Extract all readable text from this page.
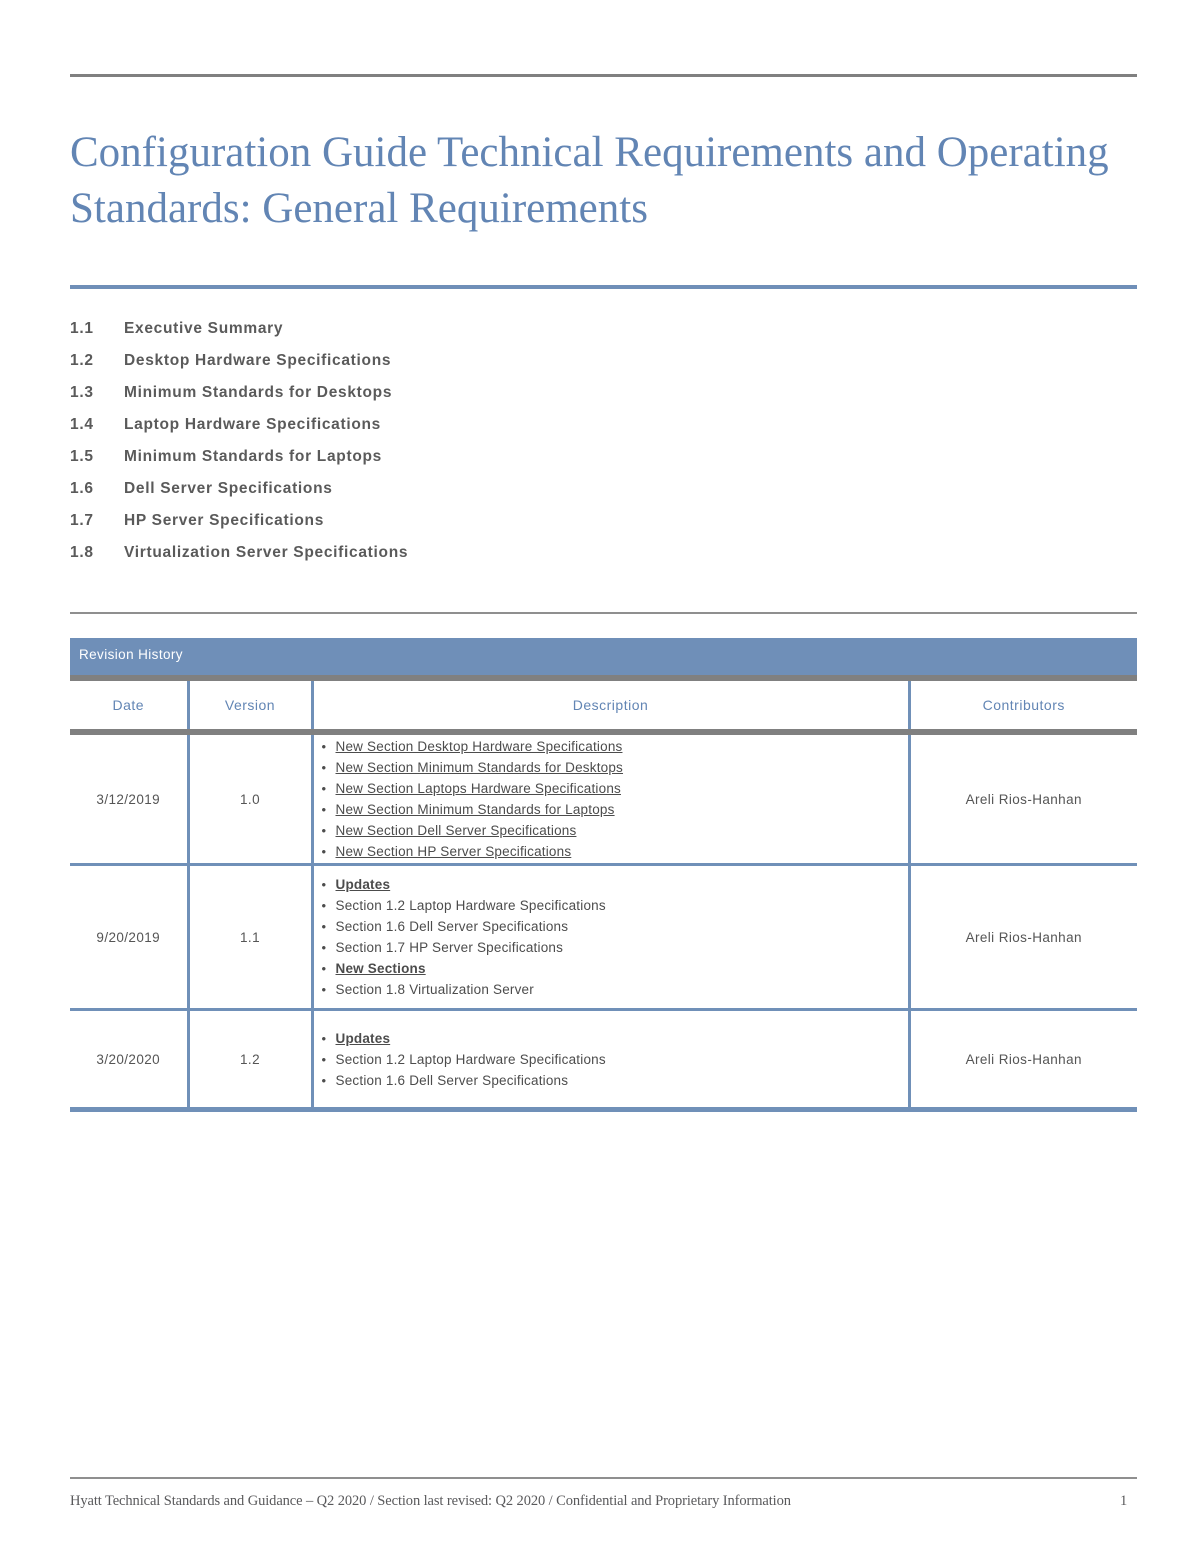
Configuration Guide Technical Requirements and Operating Standards: General Requirements
1.1	Executive Summary
1.2	Desktop Hardware Specifications
1.3	Minimum Standards for Desktops
1.4	Laptop Hardware Specifications
1.5	Minimum Standards for Laptops
1.6	Dell Server Specifications
1.7	HP Server Specifications
1.8	Virtualization Server Specifications
Revision History
Date	Version	Description	Contributors
3/12/2019	1.0	
• New Section Desktop Hardware Specifications
• New Section Minimum Standards for Desktops
• New Section Laptops Hardware Specifications
• New Section Minimum Standards for Laptops
• New Section Dell Server Specifications
• New Section HP Server Specifications
	Areli Rios-Hanhan
9/20/2019	1.1	
• Updates
• Section 1.2 Laptop Hardware Specifications
• Section 1.6 Dell Server Specifications
• Section 1.7 HP Server Specifications
• New Sections
• Section 1.8 Virtualization Server
	Areli Rios-Hanhan
3/20/2020	1.2	
• Updates
• Section 1.2 Laptop Hardware Specifications
• Section 1.6 Dell Server Specifications
	Areli Rios-Hanhan
Hyatt Technical Standards and Guidance – Q2 2020 / Section last revised: Q2 2020 / Confidential and Proprietary Information	1
